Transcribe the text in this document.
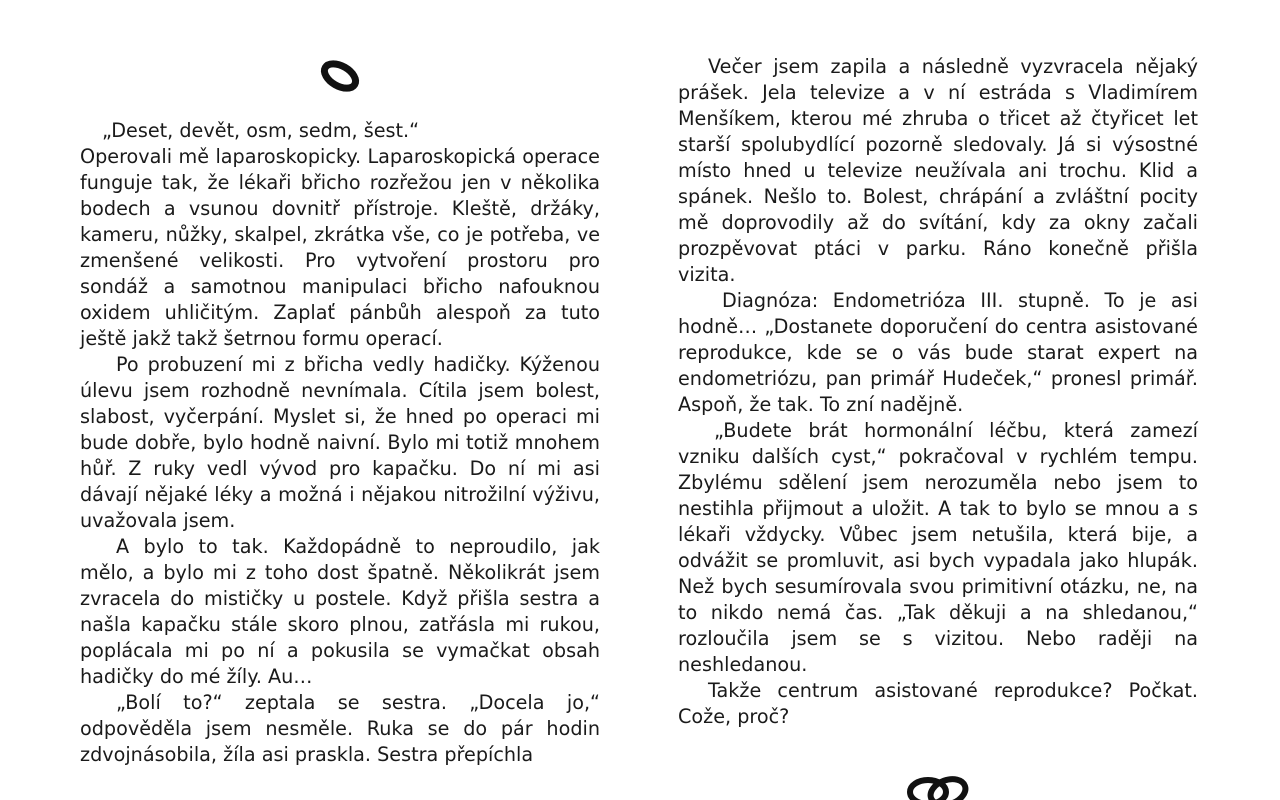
„Deset, devět, osm, sedm, šest.“

Operovali mě laparoskopicky. Laparoskopická operace funguje tak, že lékaři břicho rozřežou jen v několika bodech a vsunou dovnitř přístroje. Kleště, držáky, kameru, nůžky, skalpel, zkrátka vše, co je potřeba, ve zmenšené velikosti. Pro vytvoření prostoru pro sondáž a samotnou manipulaci břicho nafouknou oxidem uhličitým. Zaplať pánbůh alespoň za tuto ještě jakž takž šetrnou formu operací.

Po probuzení mi z břicha vedly hadičky. Kýženou úlevu jsem rozhodně nevnímala. Cítila jsem bolest, slabost, vyčerpání. Myslet si, že hned po operaci mi bude dobře, bylo hodně naivní. Bylo mi totiž mnohem hůř. Z ruky vedl vývod pro kapačku. Do ní mi asi dávají nějaké léky a možná i nějakou nitrožilní výživu, uvažovala jsem.

A bylo to tak. Každopádně to neproudilo, jak mělo, a bylo mi z toho dost špatně. Několikrát jsem zvracela do mističky u postele. Když přišla sestra a našla kapačku stále skoro plnou, zatřásla mi rukou, poplácala mi po ní a pokusila se vymačkat obsah hadičky do mé žíly. Au…

„Bolí to?“ zeptala se sestra. „Docela jo,“ odpověděla jsem nesměle. Ruka se do pár hodin zdvojnásobila, žíla asi praskla. Sestra přepíchla

Večer jsem zapila a následně vyzvracela nějaký prášek. Jela televize a v ní estráda s Vladimírem Menšíkem, kterou mé zhruba o třicet až čtyřicet let starší spolubydlící pozorně sledovaly. Já si výsostné místo hned u televize neužívala ani trochu. Klid a spánek. Nešlo to. Bolest, chrápání a zvláštní pocity mě doprovodily až do svítání, kdy za okny začali prozpěvovat ptáci v parku. Ráno konečně přišla vizita.

Diagnóza: Endometrióza III. stupně. To je asi hodně… „Dostanete doporučení do centra asistované reprodukce, kde se o vás bude starat expert na endometriózu, pan primář Hudeček,“ pronesl primář. Aspoň, že tak. To zní nadějně.

„Budete brát hormonální léčbu, která zamezí vzniku dalších cyst,“ pokračoval v rychlém tempu. Zbylému sdělení jsem nerozuměla nebo jsem to nestihla přijmout a uložit. A tak to bylo se mnou a s lékaři vždycky. Vůbec jsem netušila, která bije, a odvážit se promluvit, asi bych vypadala jako hlupák. Než bych sesumírovala svou primitivní otázku, ne, na to nikdo nemá čas. „Tak děkuji a na shledanou,“ rozloučila jsem se s vizitou. Nebo raději na neshledanou.

Takže centrum asistované reprodukce? Počkat. Cože, proč?
